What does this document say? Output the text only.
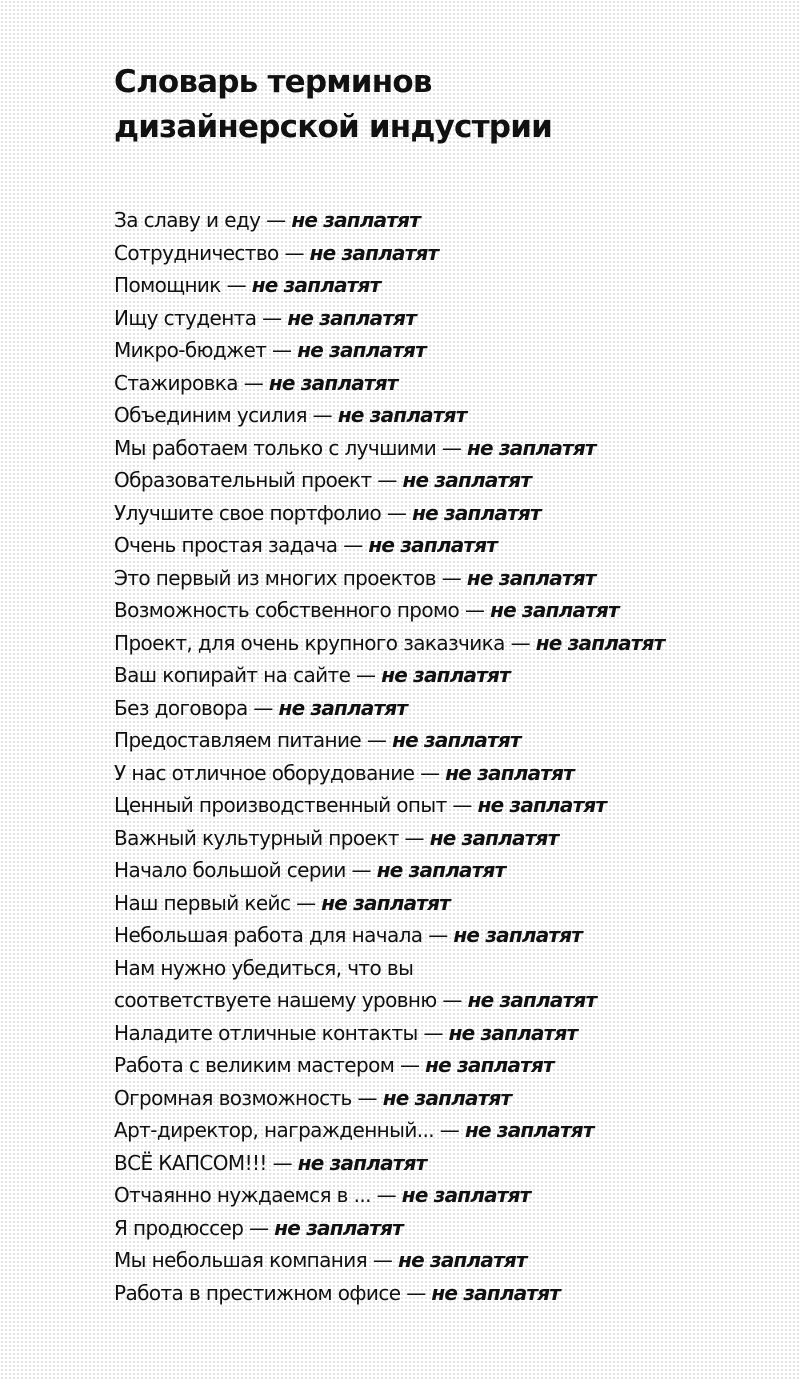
Словарь терминов
дизайнерской индустрии
За славу и еду — не заплатят
Сотрудничество — не заплатят
Помощник — не заплатят
Ищу студента — не заплатят
Микро-бюджет — не заплатят
Стажировка — не заплатят
Объединим усилия — не заплатят
Мы работаем только с лучшими — не заплатят
Образовательный проект — не заплатят
Улучшите свое портфолио — не заплатят
Очень простая задача — не заплатят
Это первый из многих проектов — не заплатят
Возможность собственного промо — не заплатят
Проект, для очень крупного заказчика — не заплатят
Ваш копирайт на сайте — не заплатят
Без договора — не заплатят
Предоставляем питание — не заплатят
У нас отличное оборудование — не заплатят
Ценный производственный опыт — не заплатят
Важный культурный проект — не заплатят
Начало большой серии — не заплатят
Наш первый кейс — не заплатят
Небольшая работа для начала — не заплатят
Нам нужно убедиться, что вы
соответствуете нашему уровню — не заплатят
Наладите отличные контакты — не заплатят
Работа с великим мастером — не заплатят
Огромная возможность — не заплатят
Арт-директор, награжденный... — не заплатят
ВСЁ КАПСОМ!!! — не заплатят
Отчаянно нуждаемся в ... — не заплатят
Я продюссер — не заплатят
Мы небольшая компания — не заплатят
Работа в престижном офисе — не заплатят
